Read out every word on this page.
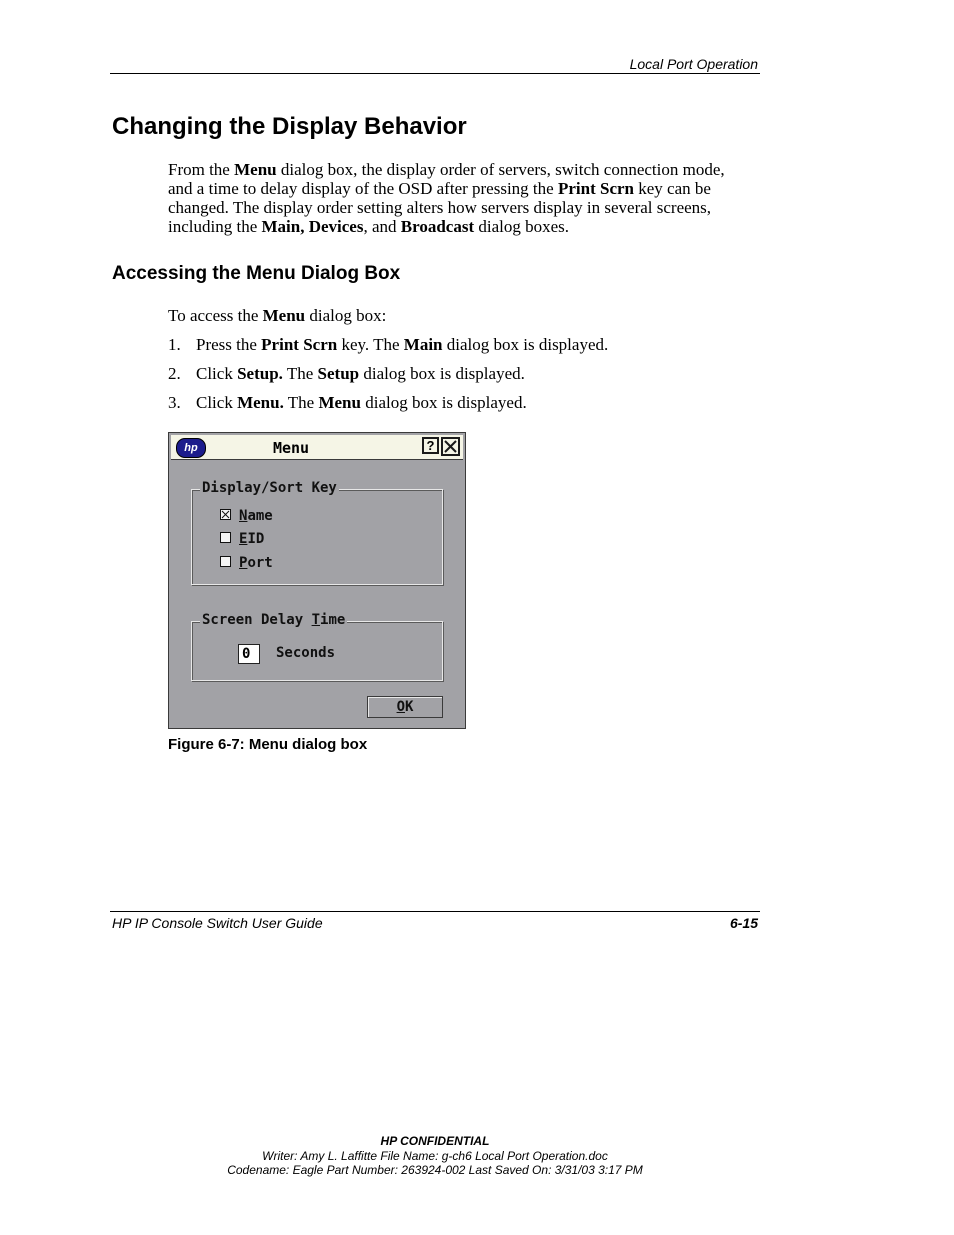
Local Port Operation
Changing the Display Behavior
From the Menu dialog box, the display order of servers, switch connection mode, and a time to delay display of the OSD after pressing the Print Scrn key can be changed. The display order setting alters how servers display in several screens, including the Main, Devices, and Broadcast dialog boxes.
Accessing the Menu Dialog Box
To access the Menu dialog box:
1. Press the Print Scrn key. The Main dialog box is displayed.
2. Click Setup. The Setup dialog box is displayed.
3. Click Menu. The Menu dialog box is displayed.
hp	Menu	?
Display/Sort Key
Name
EID
Port
Screen Delay Time
0	Seconds
OK
Figure 6-7: Menu dialog box
HP IP Console Switch User Guide	6-15
HP CONFIDENTIAL
Writer: Amy L. Laffitte File Name: g-ch6 Local Port Operation.doc
Codename: Eagle Part Number: 263924-002 Last Saved On: 3/31/03 3:17 PM
